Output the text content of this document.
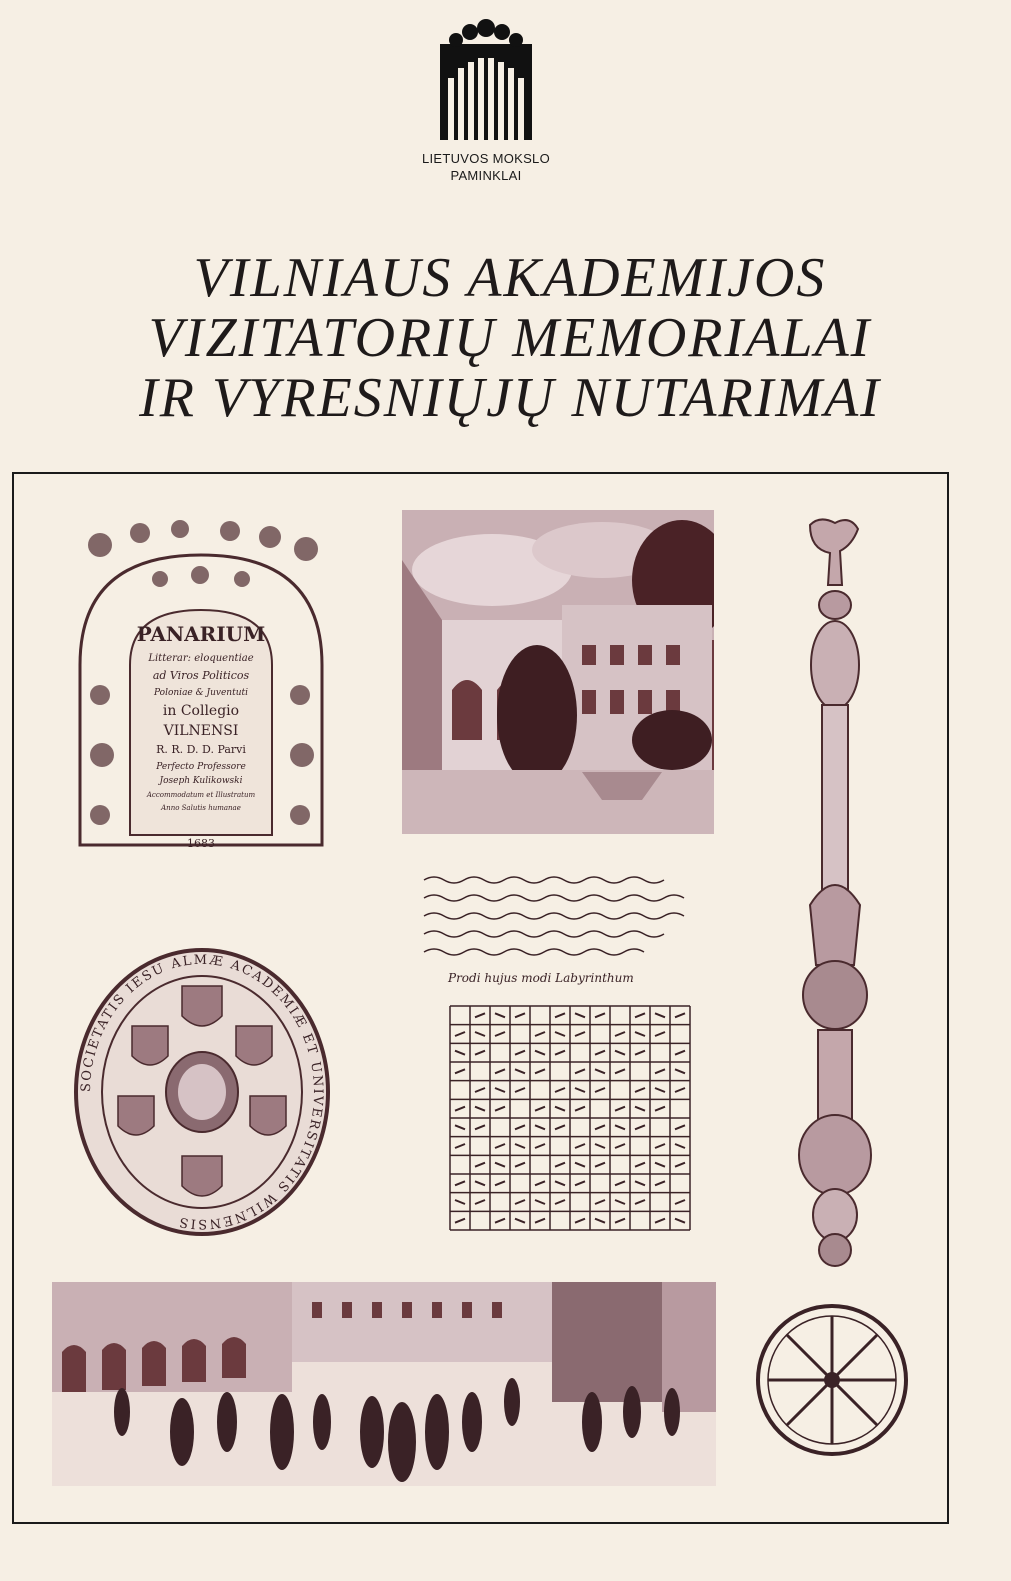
LIETUVOS MOKSLO
PAMINKLAI
VILNIAUS AKADEMIJOS
VIZITATORIŲ MEMORIALAI
IR VYRESNIŲJŲ NUTARIMAI
PANARIUM
Litterar: eloquentiae
ad Viros Politicos
Poloniae & Juventuti
in Collegio
VILNENSI
R. R. D. D. Parvi
Perfecto Professore
Joseph Kulikowski
Accommodatum et Illustratum
Anno Salutis humanae
1683
SOCIETATIS IESU ALMÆ ACADEMIÆ ET UNIVERSITATIS WILNENSIS
Prodi hujus modi Labyrinthum
